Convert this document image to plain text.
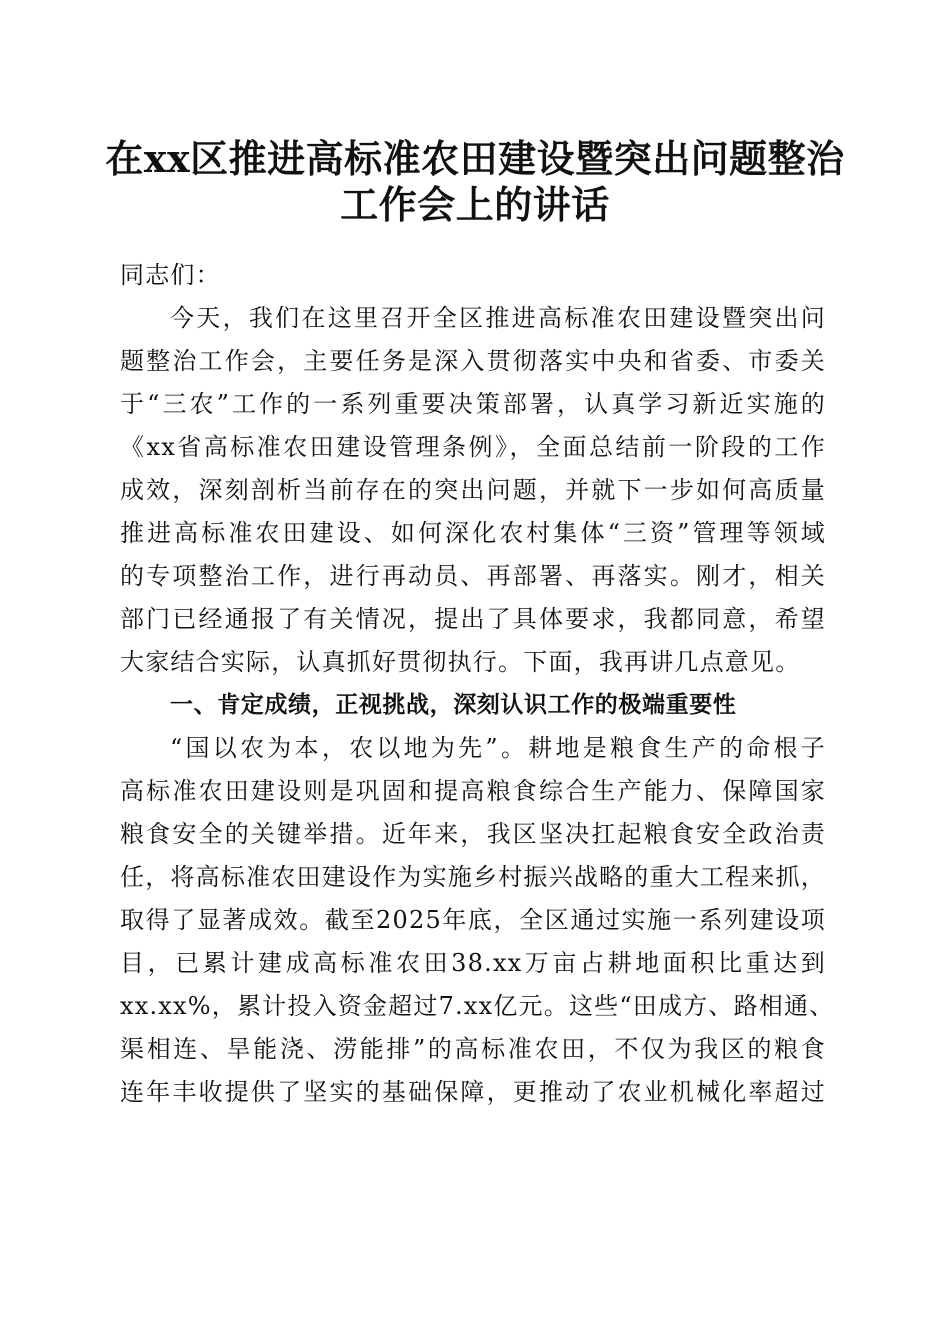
在xx区推进高标准农田建设暨突出问题整治
工作会上的讲话
同志们：
今天，我们在这里召开全区推进高标准农田建设暨突出问
题整治工作会，主要任务是深入贯彻落实中央和省委、市委关
于“三农”工作的一系列重要决策部署，认真学习新近实施的
《xx省高标准农田建设管理条例》，全面总结前一阶段的工作
成效，深刻剖析当前存在的突出问题，并就下一步如何高质量
推进高标准农田建设、如何深化农村集体“三资”管理等领域
的专项整治工作，进行再动员、再部署、再落实。刚才，相关
部门已经通报了有关情况，提出了具体要求，我都同意，希望
大家结合实际，认真抓好贯彻执行。下面，我再讲几点意见。
一、肯定成绩，正视挑战，深刻认识工作的极端重要性
“国以农为本，农以地为先”。耕地是粮食生产的命根子
高标准农田建设则是巩固和提高粮食综合生产能力、保障国家
粮食安全的关键举措。近年来，我区坚决扛起粮食安全政治责
任，将高标准农田建设作为实施乡村振兴战略的重大工程来抓，
取得了显著成效。截至2025年底，全区通过实施一系列建设项
目，已累计建成高标准农田38.xx万亩占耕地面积比重达到
xx.xx%，累计投入资金超过7.xx亿元。这些“田成方、路相通、
渠相连、旱能浇、涝能排”的高标准农田，不仅为我区的粮食
连年丰收提供了坚实的基础保障，更推动了农业机械化率超过
